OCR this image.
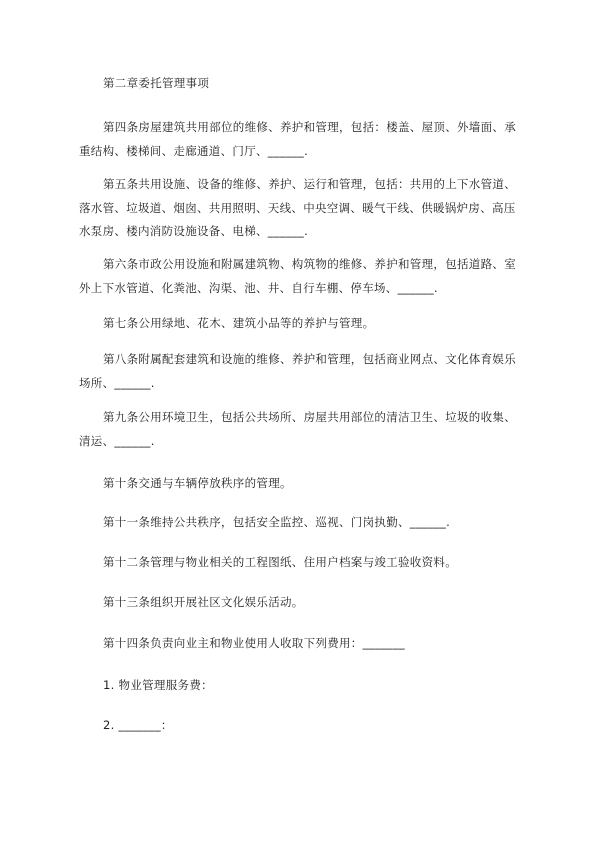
第二章委托管理事项

第四条房屋建筑共用部位的维修、养护和管理，包括：楼盖、屋顶、外墙面、承重结构、楼梯间、走廊通道、门厅、______.

第五条共用设施、设备的维修、养护、运行和管理，包括：共用的上下水管道、落水管、垃圾道、烟囱、共用照明、天线、中央空调、暖气干线、供暖锅炉房、高压水泵房、楼内消防设施设备、电梯、______.

第六条市政公用设施和附属建筑物、构筑物的维修、养护和管理，包括道路、室外上下水管道、化粪池、沟渠、池、井、自行车棚、停车场、______.

第七条公用绿地、花木、建筑小品等的养护与管理。

第八条附属配套建筑和设施的维修、养护和管理，包括商业网点、文化体育娱乐场所、______.

第九条公用环境卫生，包括公共场所、房屋共用部位的清洁卫生、垃圾的收集、清运、______.

第十条交通与车辆停放秩序的管理。

第十一条维持公共秩序，包括安全监控、巡视、门岗执勤、______.

第十二条管理与物业相关的工程图纸、住用户档案与竣工验收资料。

第十三条组织开展社区文化娱乐活动。

第十四条负责向业主和物业使用人收取下列费用：_______

1. 物业管理服务费：

2. _______：
